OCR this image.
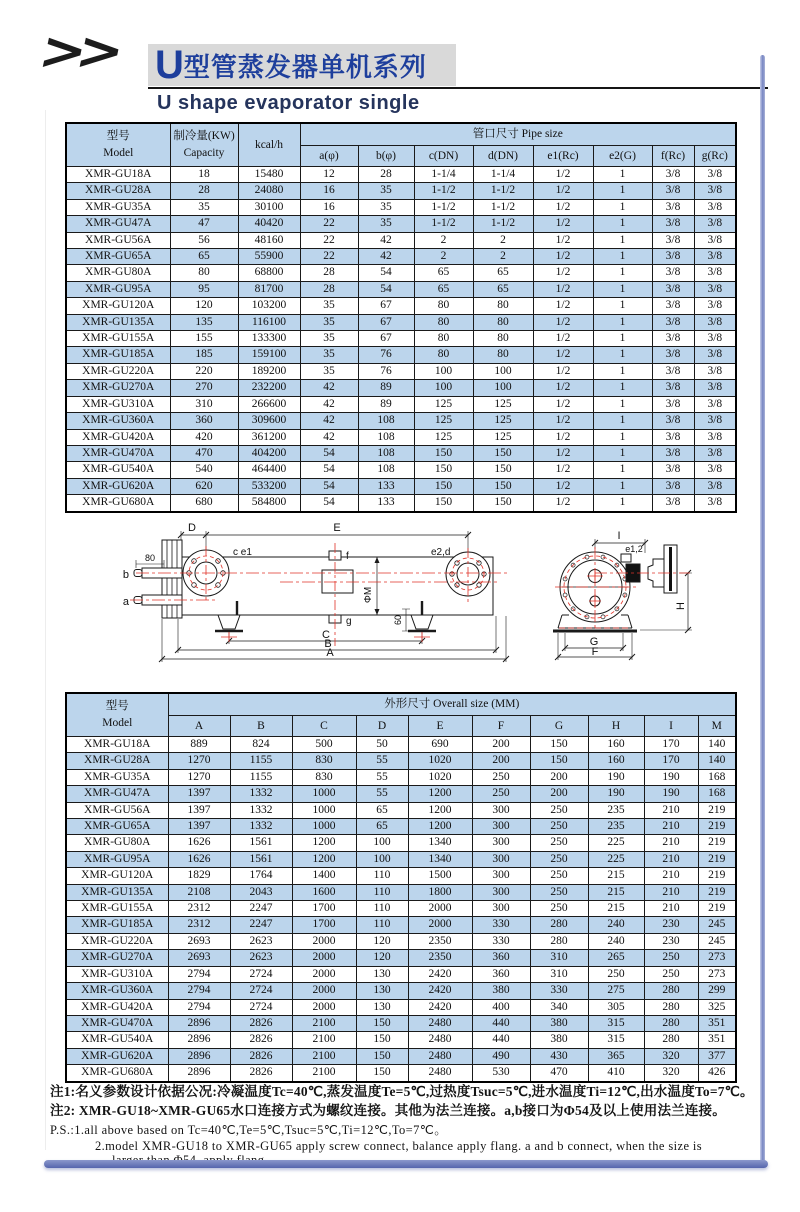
>> U 型管蒸发器单机系列
U shape evaporator single
型号
Model	制冷量(KW)
Capacity	kcal/h	管口尺寸 Pipe size							
			a(φ)	b(φ)	c(DN)	d(DN)	e1(Rc)	e2(G)	f(Rc)	g(Rc)
XMR-GU18A	18	15480	12	28	1-1/4	1-1/4	1/2	1	3/8	3/8
XMR-GU28A	28	24080	16	35	1-1/2	1-1/2	1/2	1	3/8	3/8
XMR-GU35A	35	30100	16	35	1-1/2	1-1/2	1/2	1	3/8	3/8
XMR-GU47A	47	40420	22	35	1-1/2	1-1/2	1/2	1	3/8	3/8
XMR-GU56A	56	48160	22	42	2	2	1/2	1	3/8	3/8
XMR-GU65A	65	55900	22	42	2	2	1/2	1	3/8	3/8
XMR-GU80A	80	68800	28	54	65	65	1/2	1	3/8	3/8
XMR-GU95A	95	81700	28	54	65	65	1/2	1	3/8	3/8
XMR-GU120A	120	103200	35	67	80	80	1/2	1	3/8	3/8
XMR-GU135A	135	116100	35	67	80	80	1/2	1	3/8	3/8
XMR-GU155A	155	133300	35	67	80	80	1/2	1	3/8	3/8
XMR-GU185A	185	159100	35	76	80	80	1/2	1	3/8	3/8
XMR-GU220A	220	189200	35	76	100	100	1/2	1	3/8	3/8
XMR-GU270A	270	232200	42	89	100	100	1/2	1	3/8	3/8
XMR-GU310A	310	266600	42	89	125	125	1/2	1	3/8	3/8
XMR-GU360A	360	309600	42	108	125	125	1/2	1	3/8	3/8
XMR-GU420A	420	361200	42	108	125	125	1/2	1	3/8	3/8
XMR-GU470A	470	404200	54	108	150	150	1/2	1	3/8	3/8
XMR-GU540A	540	464400	54	108	150	150	1/2	1	3/8	3/8
XMR-GU620A	620	533200	54	133	150	150	1/2	1	3/8	3/8
XMR-GU680A	680	584800	54	133	150	150	1/2	1	3/8	3/8
80
b
a
D	E
c e1	f	e2,d
ΦM
g	60
C
B
A
I
e1,2
H
G
F
型号
Model	外形尺寸 Overall size (MM)									
	A	B	C	D	E	F	G	H	I	M
XMR-GU18A	889	824	500	50	690	200	150	160	170	140
XMR-GU28A	1270	1155	830	55	1020	200	150	160	170	140
XMR-GU35A	1270	1155	830	55	1020	250	200	190	190	168
XMR-GU47A	1397	1332	1000	55	1200	250	200	190	190	168
XMR-GU56A	1397	1332	1000	65	1200	300	250	235	210	219
XMR-GU65A	1397	1332	1000	65	1200	300	250	235	210	219
XMR-GU80A	1626	1561	1200	100	1340	300	250	225	210	219
XMR-GU95A	1626	1561	1200	100	1340	300	250	225	210	219
XMR-GU120A	1829	1764	1400	110	1500	300	250	215	210	219
XMR-GU135A	2108	2043	1600	110	1800	300	250	215	210	219
XMR-GU155A	2312	2247	1700	110	2000	300	250	215	210	219
XMR-GU185A	2312	2247	1700	110	2000	330	280	240	230	245
XMR-GU220A	2693	2623	2000	120	2350	330	280	240	230	245
XMR-GU270A	2693	2623	2000	120	2350	360	310	265	250	273
XMR-GU310A	2794	2724	2000	130	2420	360	310	250	250	273
XMR-GU360A	2794	2724	2000	130	2420	380	330	275	280	299
XMR-GU420A	2794	2724	2000	130	2420	400	340	305	280	325
XMR-GU470A	2896	2826	2100	150	2480	440	380	315	280	351
XMR-GU540A	2896	2826	2100	150	2480	440	380	315	280	351
XMR-GU620A	2896	2826	2100	150	2480	490	430	365	320	377
XMR-GU680A	2896	2826	2100	150	2480	530	470	410	320	426
注1:名义参数设计依据公况:冷凝温度Tc=40℃,蒸发温度Te=5℃,过热度Tsuc=5℃,进水温度Ti=12℃,出水温度To=7℃。
注2: XMR-GU18~XMR-GU65水口连接方式为螺纹连接。其他为法兰连接。a,b接口为Φ54及以上使用法兰连接。
P.S.:1.all above based on Tc=40℃,Te=5℃,Tsuc=5℃,Ti=12℃,To=7℃。
2.model XMR-GU18 to XMR-GU65 apply screw connect, balance apply flang. a and b connect, when the size is
